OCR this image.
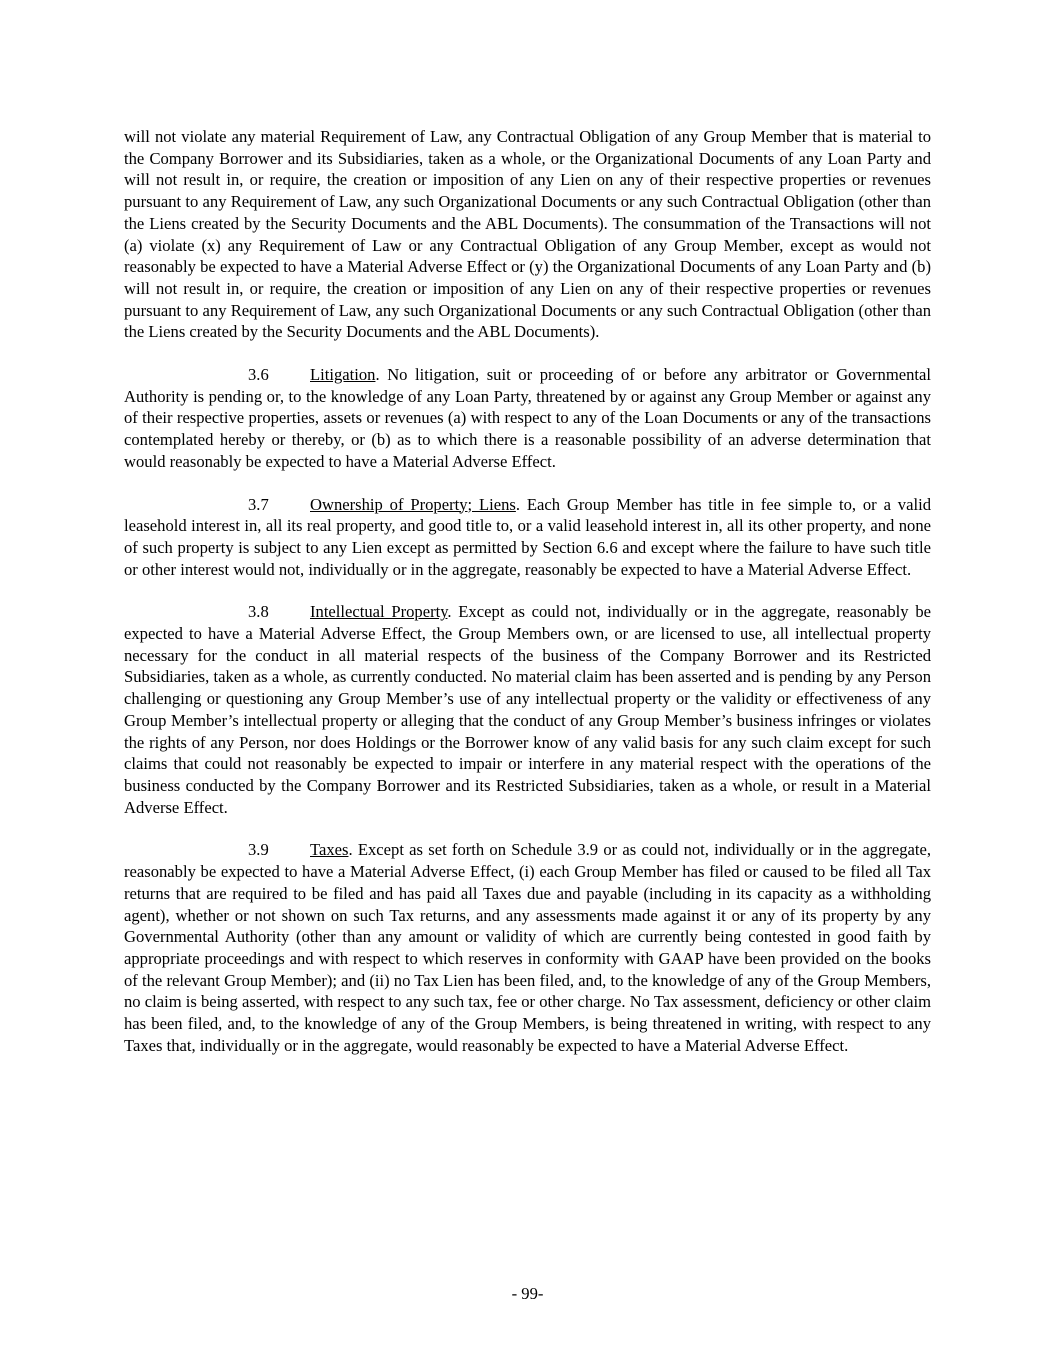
will not violate any material Requirement of Law, any Contractual Obligation of any Group Member that is material to the Company Borrower and its Subsidiaries, taken as a whole, or the Organizational Documents of any Loan Party and will not result in, or require, the creation or imposition of any Lien on any of their respective properties or revenues pursuant to any Requirement of Law, any such Organizational Documents or any such Contractual Obligation (other than the Liens created by the Security Documents and the ABL Documents). The consummation of the Transactions will not (a) violate (x) any Requirement of Law or any Contractual Obligation of any Group Member, except as would not reasonably be expected to have a Material Adverse Effect or (y) the Organizational Documents of any Loan Party and (b) will not result in, or require, the creation or imposition of any Lien on any of their respective properties or revenues pursuant to any Requirement of Law, any such Organizational Documents or any such Contractual Obligation (other than the Liens created by the Security Documents and the ABL Documents).

3.6 Litigation. No litigation, suit or proceeding of or before any arbitrator or Governmental Authority is pending or, to the knowledge of any Loan Party, threatened by or against any Group Member or against any of their respective properties, assets or revenues (a) with respect to any of the Loan Documents or any of the transactions contemplated hereby or thereby, or (b) as to which there is a reasonable possibility of an adverse determination that would reasonably be expected to have a Material Adverse Effect.

3.7 Ownership of Property; Liens. Each Group Member has title in fee simple to, or a valid leasehold interest in, all its real property, and good title to, or a valid leasehold interest in, all its other property, and none of such property is subject to any Lien except as permitted by Section 6.6 and except where the failure to have such title or other interest would not, individually or in the aggregate, reasonably be expected to have a Material Adverse Effect.

3.8 Intellectual Property. Except as could not, individually or in the aggregate, reasonably be expected to have a Material Adverse Effect, the Group Members own, or are licensed to use, all intellectual property necessary for the conduct in all material respects of the business of the Company Borrower and its Restricted Subsidiaries, taken as a whole, as currently conducted. No material claim has been asserted and is pending by any Person challenging or questioning any Group Member’s use of any intellectual property or the validity or effectiveness of any Group Member’s intellectual property or alleging that the conduct of any Group Member’s business infringes or violates the rights of any Person, nor does Holdings or the Borrower know of any valid basis for any such claim except for such claims that could not reasonably be expected to impair or interfere in any material respect with the operations of the business conducted by the Company Borrower and its Restricted Subsidiaries, taken as a whole, or result in a Material Adverse Effect.

3.9 Taxes. Except as set forth on Schedule 3.9 or as could not, individually or in the aggregate, reasonably be expected to have a Material Adverse Effect, (i) each Group Member has filed or caused to be filed all Tax returns that are required to be filed and has paid all Taxes due and payable (including in its capacity as a withholding agent), whether or not shown on such Tax returns, and any assessments made against it or any of its property by any Governmental Authority (other than any amount or validity of which are currently being contested in good faith by appropriate proceedings and with respect to which reserves in conformity with GAAP have been provided on the books of the relevant Group Member); and (ii) no Tax Lien has been filed, and, to the knowledge of any of the Group Members, no claim is being asserted, with respect to any such tax, fee or other charge. No Tax assessment, deficiency or other claim has been filed, and, to the knowledge of any of the Group Members, is being threatened in writing, with respect to any Taxes that, individually or in the aggregate, would reasonably be expected to have a Material Adverse Effect.

- 99-
